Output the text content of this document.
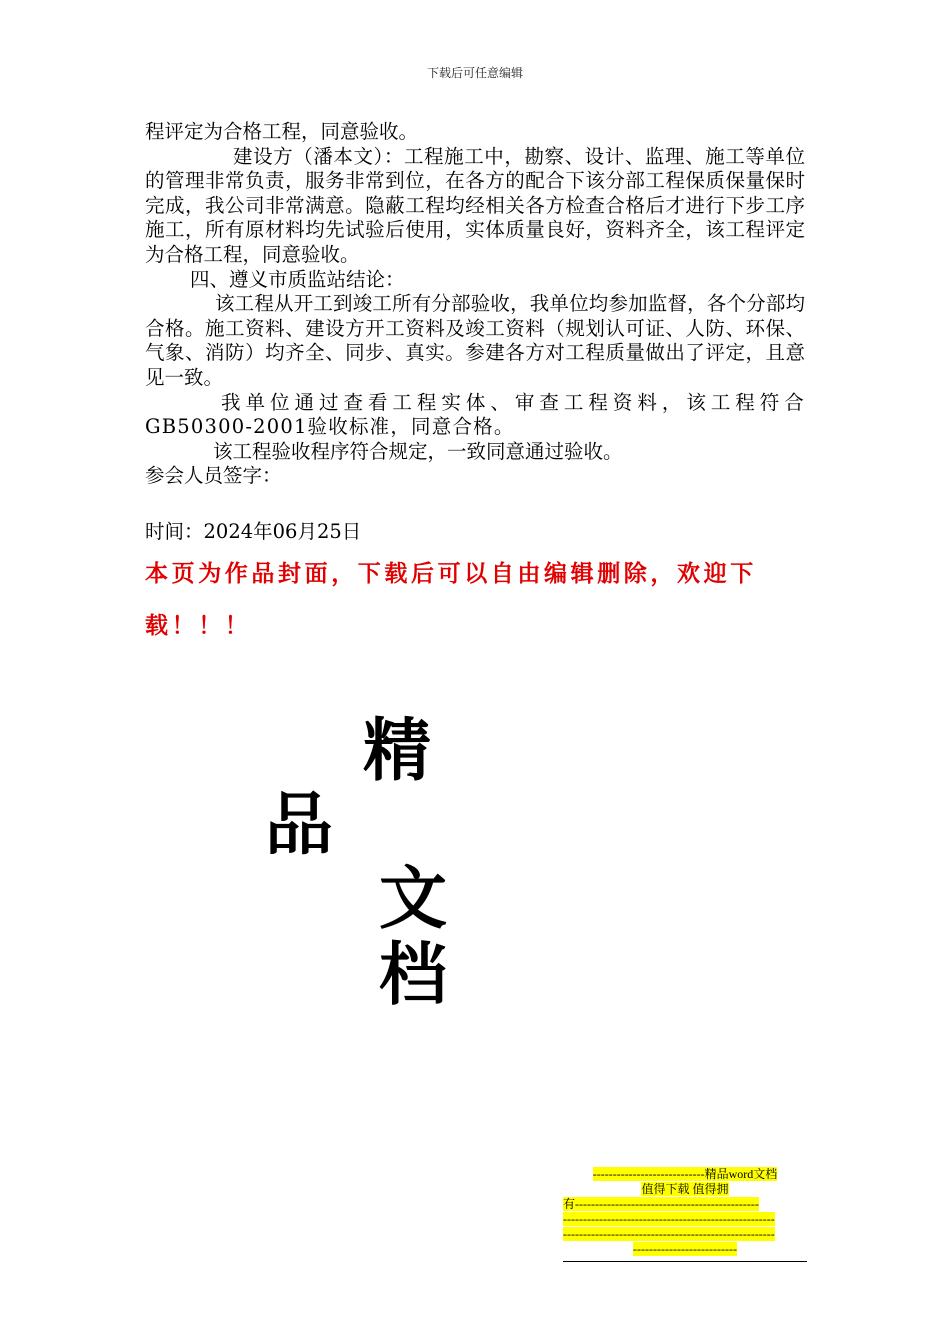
下载后可任意编辑

程评定为合格工程，同意验收。

建设方（潘本文）：工程施工中，勘察、设计、监理、施工等单位的管理非常负责，服务非常到位，在各方的配合下该分部工程保质保量保时完成，我公司非常满意。隐蔽工程均经相关各方检查合格后才进行下步工序施工，所有原材料均先试验后使用，实体质量良好，资料齐全，该工程评定为合格工程，同意验收。

四、遵义市质监站结论：

该工程从开工到竣工所有分部验收，我单位均参加监督，各个分部均合格。施工资料、建设方开工资料及竣工资料（规划认可证、人防、环保、气象、消防）均齐全、同步、真实。参建各方对工程质量做出了评定，且意见一致。

我单位通过查看工程实体、审查工程资料，该工程符合GB50300-2001验收标准，同意合格。

该工程验收程序符合规定，一致同意通过验收。

参会人员签字：

时间：2024年06月25日
本页为作品封面，下载后可以自由编辑删除，欢迎下载！！！
精
品
文
档
----------------------------精品word文档
值得下载 值得拥
有----------------------------------------------
-----------------------------------------------------
-----------------------------------------------------
--------------------------
